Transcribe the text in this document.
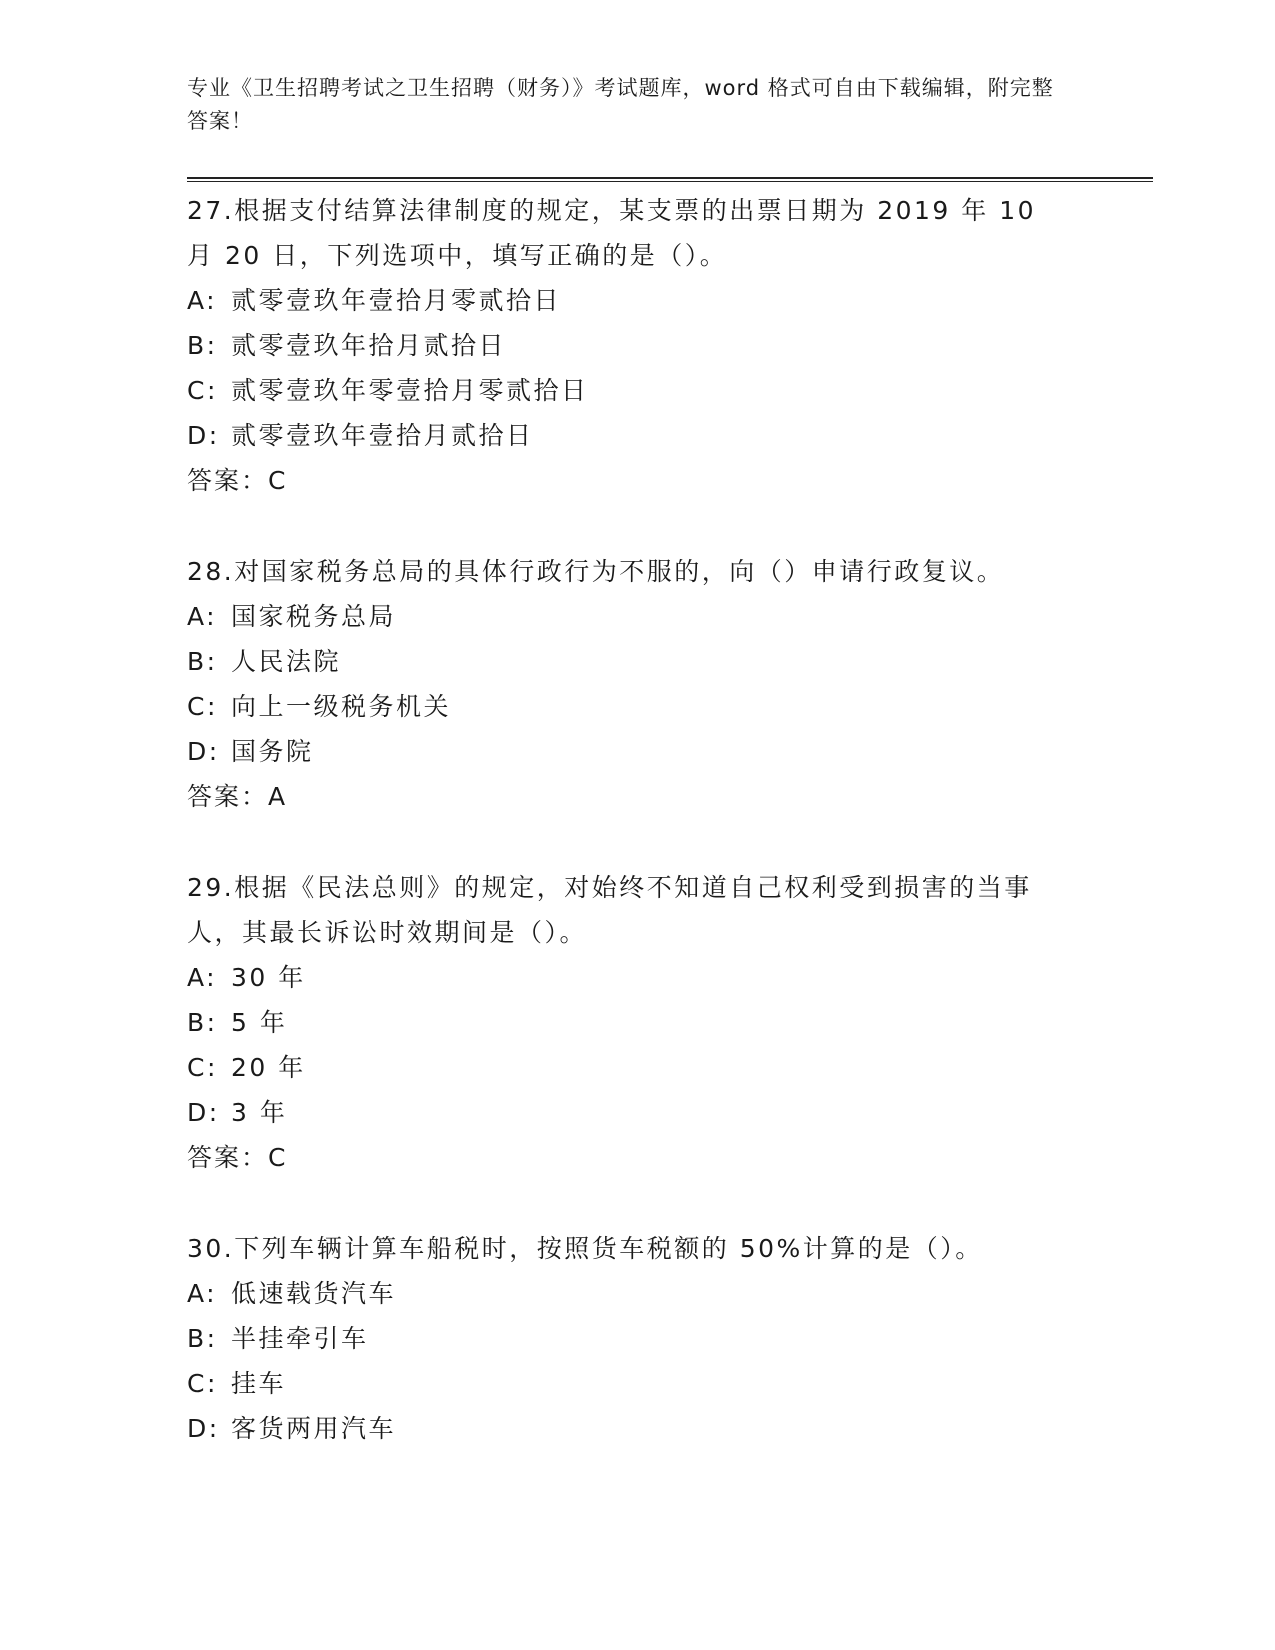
专业《卫生招聘考试之卫生招聘（财务）》考试题库，word 格式可自由下载编辑，附完整答案！
27.根据支付结算法律制度的规定，某支票的出票日期为 2019 年 10 月 20 日，下列选项中，填写正确的是（）。
A: 贰零壹玖年壹拾月零贰拾日
B: 贰零壹玖年拾月贰拾日
C: 贰零壹玖年零壹拾月零贰拾日
D: 贰零壹玖年壹拾月贰拾日
答案：C
28.对国家税务总局的具体行政行为不服的，向（）申请行政复议。
A: 国家税务总局
B: 人民法院
C: 向上一级税务机关
D: 国务院
答案：A
29.根据《民法总则》的规定，对始终不知道自己权利受到损害的当事人，其最长诉讼时效期间是（）。
A: 30 年
B: 5 年
C: 20 年
D: 3 年
答案：C
30.下列车辆计算车船税时，按照货车税额的 50%计算的是（）。
A: 低速载货汽车
B: 半挂牵引车
C: 挂车
D: 客货两用汽车
